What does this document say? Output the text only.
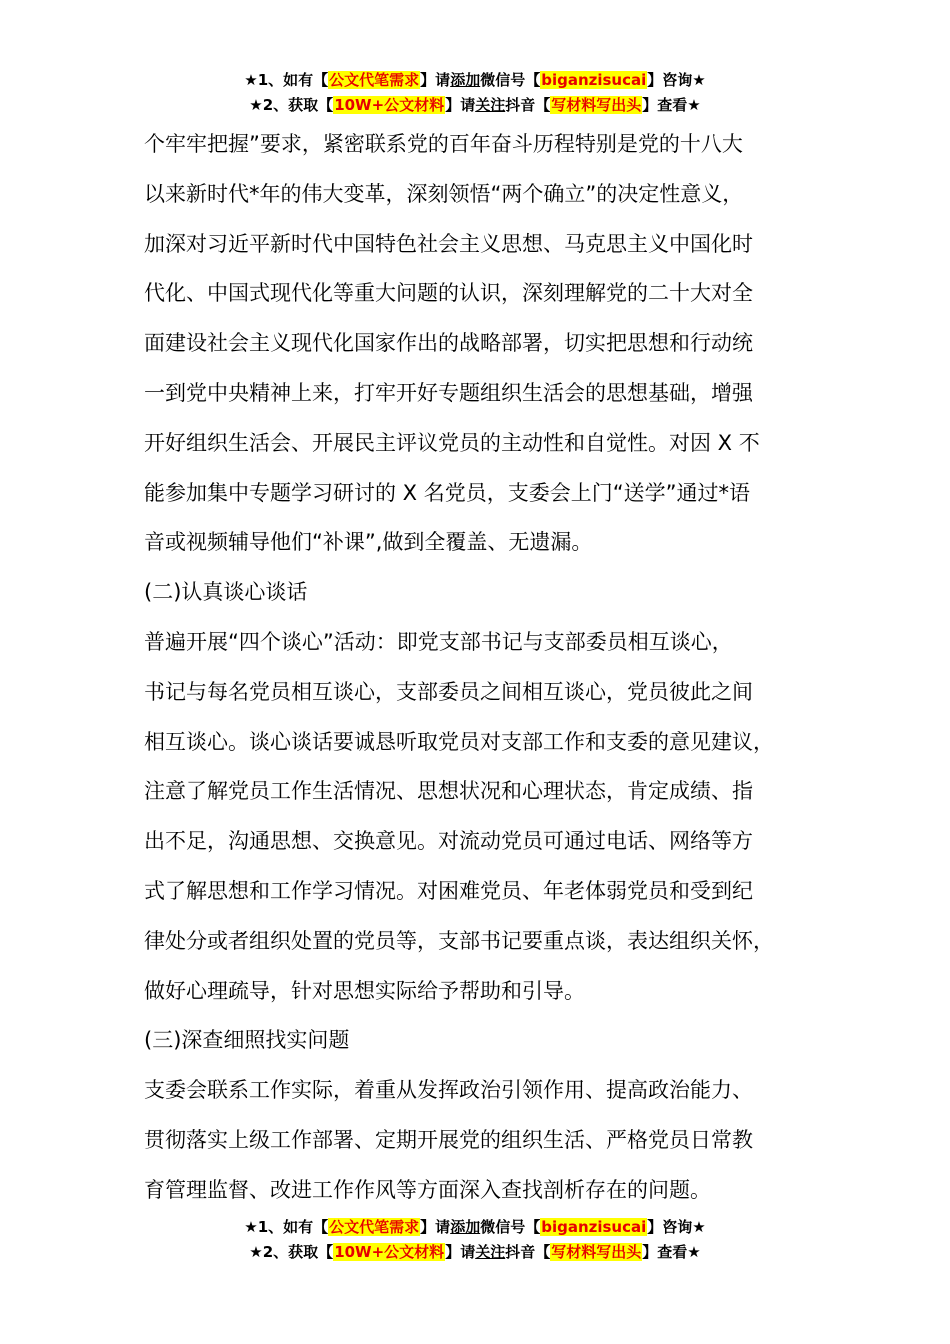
★1、如有【公文代笔需求】请添加微信号【biganzisucai】咨询★
★2、获取【10W+公文材料】请关注抖音【写材料写出头】查看★

个牢牢把握”要求，紧密联系党的百年奋斗历程特别是党的十八大

以来新时代*年的伟大变革，深刻领悟“两个确立”的决定性意义，

加深对习近平新时代中国特色社会主义思想、马克思主义中国化时

代化、中国式现代化等重大问题的认识，深刻理解党的二十大对全

面建设社会主义现代化国家作出的战略部署，切实把思想和行动统

一到党中央精神上来，打牢开好专题组织生活会的思想基础，增强

开好组织生活会、开展民主评议党员的主动性和自觉性。对因 X 不

能参加集中专题学习研讨的 X 名党员，支委会上门“送学”通过*语

音或视频辅导他们“补课”,做到全覆盖、无遗漏。

(二)认真谈心谈话

普遍开展“四个谈心”活动：即党支部书记与支部委员相互谈心，

书记与每名党员相互谈心，支部委员之间相互谈心，党员彼此之间

相互谈心。谈心谈话要诚恳听取党员对支部工作和支委的意见建议，

注意了解党员工作生活情况、思想状况和心理状态，肯定成绩、指

出不足，沟通思想、交换意见。对流动党员可通过电话、网络等方

式了解思想和工作学习情况。对困难党员、年老体弱党员和受到纪

律处分或者组织处置的党员等，支部书记要重点谈，表达组织关怀，

做好心理疏导，针对思想实际给予帮助和引导。

(三)深查细照找实问题

支委会联系工作实际，着重从发挥政治引领作用、提高政治能力、

贯彻落实上级工作部署、定期开展党的组织生活、严格党员日常教

育管理监督、改进工作作风等方面深入查找剖析存在的问题。

★1、如有【公文代笔需求】请添加微信号【biganzisucai】咨询★
★2、获取【10W+公文材料】请关注抖音【写材料写出头】查看★
